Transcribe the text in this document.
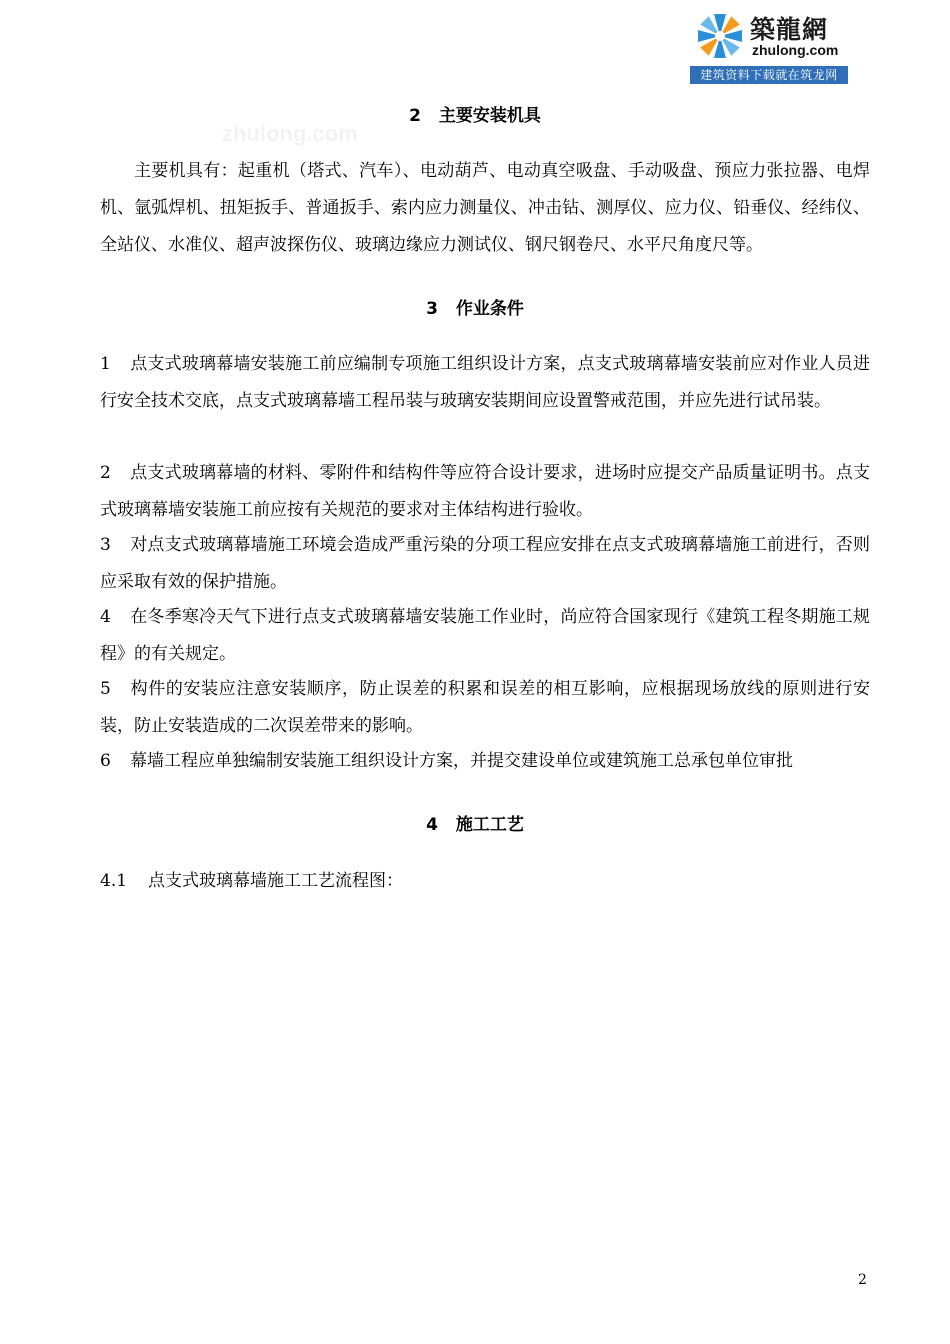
築龍網
zhulong.com
建筑资料下载就在筑龙网
zhulong.com
2 主要安装机具
主要机具有：起重机（塔式、汽车）、电动葫芦、电动真空吸盘、手动吸盘、预应力张拉器、电焊机、氩弧焊机、扭矩扳手、普通扳手、索内应力测量仪、冲击钻、测厚仪、应力仪、铅垂仪、经纬仪、全站仪、水准仪、超声波探伤仪、玻璃边缘应力测试仪、钢尺钢卷尺、水平尺角度尺等。
3 作业条件
1 点支式玻璃幕墙安装施工前应编制专项施工组织设计方案，点支式玻璃幕墙安装前应对作业人员进行安全技术交底，点支式玻璃幕墙工程吊装与玻璃安装期间应设置警戒范围，并应先进行试吊装。
2 点支式玻璃幕墙的材料、零附件和结构件等应符合设计要求，进场时应提交产品质量证明书。点支式玻璃幕墙安装施工前应按有关规范的要求对主体结构进行验收。
3 对点支式玻璃幕墙施工环境会造成严重污染的分项工程应安排在点支式玻璃幕墙施工前进行，否则应采取有效的保护措施。
4 在冬季寒冷天气下进行点支式玻璃幕墙安装施工作业时，尚应符合国家现行《建筑工程冬期施工规程》的有关规定。
5 构件的安装应注意安装顺序，防止误差的积累和误差的相互影响，应根据现场放线的原则进行安装，防止安装造成的二次误差带来的影响。
6 幕墙工程应单独编制安装施工组织设计方案，并提交建设单位或建筑施工总承包单位审批
4 施工工艺
4.1 点支式玻璃幕墙施工工艺流程图：
2
